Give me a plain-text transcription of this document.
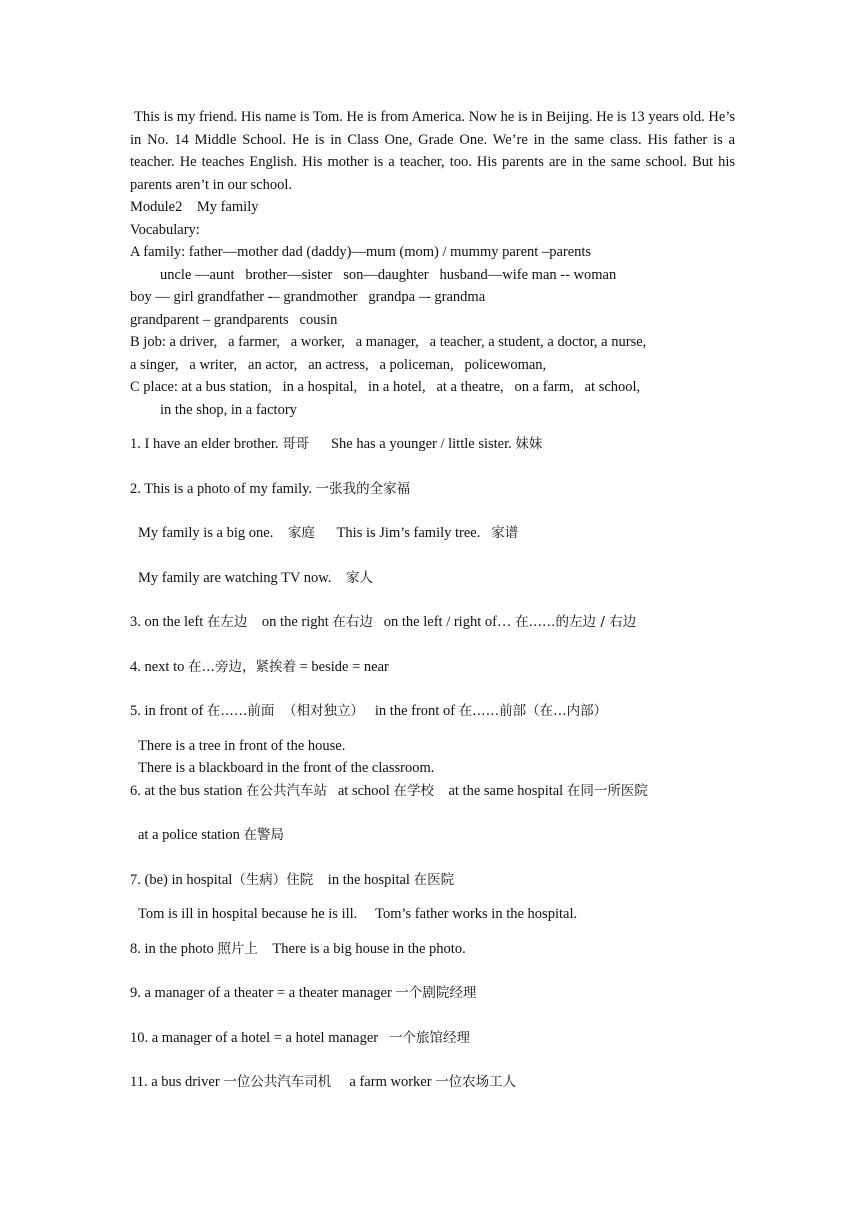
This is my friend. His name is Tom. He is from America. Now he is in Beijing. He is 13 years old. He’s in No. 14 Middle School. He is in Class One, Grade One. We’re in the same class. His father is a teacher. He teaches English. His mother is a teacher, too. His parents are in the same school. But his parents aren’t in our school.

Module2    My family

Vocabulary:

A family: father—mother dad (daddy)—mum (mom) / mummy parent –parents

uncle —aunt   brother—sister   son—daughter   husband—wife man -- woman

boy — girl grandfather -– grandmother   grandpa –- grandma

grandparent – grandparents   cousin

B job: a driver,   a farmer,   a worker,   a manager,   a teacher, a student, a doctor, a nurse,

a singer,   a writer,   an actor,   an actress,   a policeman,   policewoman,

C place: at a bus station,   in a hospital,   in a hotel,   at a theatre,   on a farm,   at school,

in the shop, in a factory

1. I have an elder brother. 哥哥      She has a younger / little sister. 妹妹

2. This is a photo of my family. 一张我的全家福

My family is a big one.    家庭      This is Jim’s family tree.   家谱

My family are watching TV now.    家人

3. on the left 在左边    on the right 在右边   on the left / right of… 在……的左边 / 右边

4. next to 在…旁边，紧挨着 = beside = near

5. in front of 在……前面  （相对独立）   in the front of 在……前部（在…内部）

There is a tree in front of the house.

There is a blackboard in the front of the classroom.

6. at the bus station 在公共汽车站   at school 在学校    at the same hospital 在同一所医院

at a police station 在警局

7. (be) in hospital（生病）住院    in the hospital 在医院

Tom is ill in hospital because he is ill.     Tom’s father works in the hospital.

8. in the photo 照片上    There is a big house in the photo.

9. a manager of a theater = a theater manager 一个剧院经理

10. a manager of a hotel = a hotel manager   一个旅馆经理

11. a bus driver 一位公共汽车司机     a farm worker 一位农场工人
